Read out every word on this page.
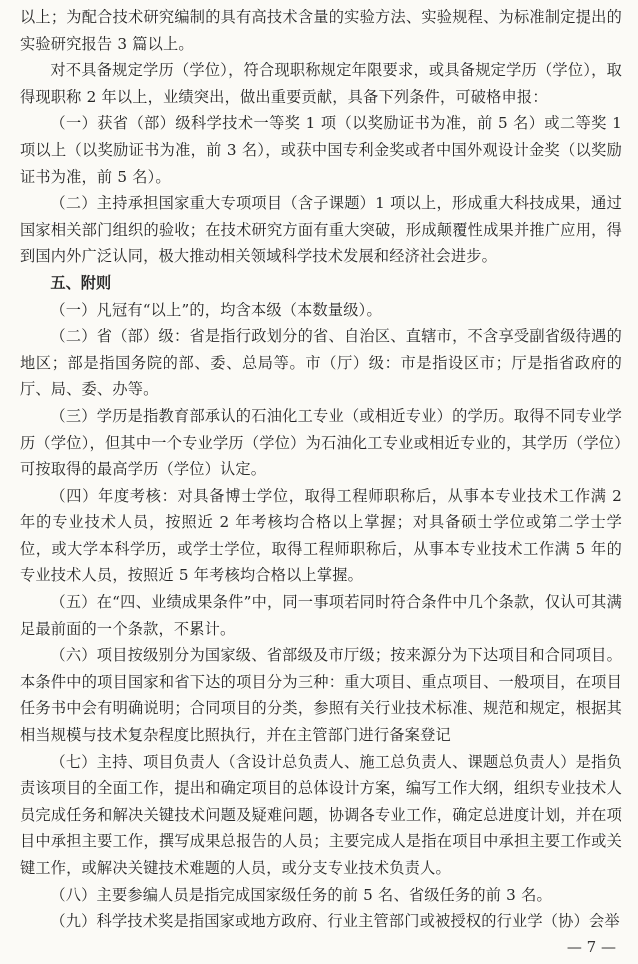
以上；为配合技术研究编制的具有高技术含量的实验方法、实验规程、为标准制定提出的实验研究报告 3 篇以上。

对不具备规定学历（学位），符合现职称规定年限要求，或具备规定学历（学位），取得现职称 2 年以上，业绩突出，做出重要贡献，具备下列条件，可破格申报：

（一）获省（部）级科学技术一等奖 1 项（以奖励证书为准，前 5 名）或二等奖 1 项以上（以奖励证书为准，前 3 名），或获中国专利金奖或者中国外观设计金奖（以奖励证书为准，前 5 名）。

（二）主持承担国家重大专项项目（含子课题）1 项以上，形成重大科技成果，通过国家相关部门组织的验收；在技术研究方面有重大突破，形成颠覆性成果并推广应用，得到国内外广泛认同，极大推动相关领域科学技术发展和经济社会进步。

五、附则

（一）凡冠有“以上”的，均含本级（本数量级）。

（二）省（部）级：省是指行政划分的省、自治区、直辖市，不含享受副省级待遇的地区；部是指国务院的部、委、总局等。市（厅）级：市是指设区市；厅是指省政府的厅、局、委、办等。

（三）学历是指教育部承认的石油化工专业（或相近专业）的学历。取得不同专业学历（学位），但其中一个专业学历（学位）为石油化工专业或相近专业的，其学历（学位）可按取得的最高学历（学位）认定。

（四）年度考核：对具备博士学位，取得工程师职称后，从事本专业技术工作满 2 年的专业技术人员，按照近 2 年考核均合格以上掌握；对具备硕士学位或第二学士学位，或大学本科学历，或学士学位，取得工程师职称后，从事本专业技术工作满 5 年的专业技术人员，按照近 5 年考核均合格以上掌握。

（五）在“四、业绩成果条件”中，同一事项若同时符合条件中几个条款，仅认可其满足最前面的一个条款，不累计。

（六）项目按级别分为国家级、省部级及市厅级；按来源分为下达项目和合同项目。本条件中的项目国家和省下达的项目分为三种：重大项目、重点项目、一般项目，在项目任务书中会有明确说明；合同项目的分类，参照有关行业技术标准、规范和规定，根据其相当规模与技术复杂程度比照执行，并在主管部门进行备案登记

（七）主持、项目负责人（含设计总负责人、施工总负责人、课题总负责人）是指负责该项目的全面工作，提出和确定项目的总体设计方案，编写工作大纲，组织专业技术人员完成任务和解决关键技术问题及疑难问题，协调各专业工作，确定总进度计划，并在项目中承担主要工作，撰写成果总报告的人员；主要完成人是指在项目中承担主要工作或关键工作，或解决关键技术难题的人员，或分支专业技术负责人。

（八）主要参编人员是指完成国家级任务的前 5 名、省级任务的前 3 名。

（九）科学技术奖是指国家或地方政府、行业主管部门或被授权的行业学（协）会举

— 7 —
